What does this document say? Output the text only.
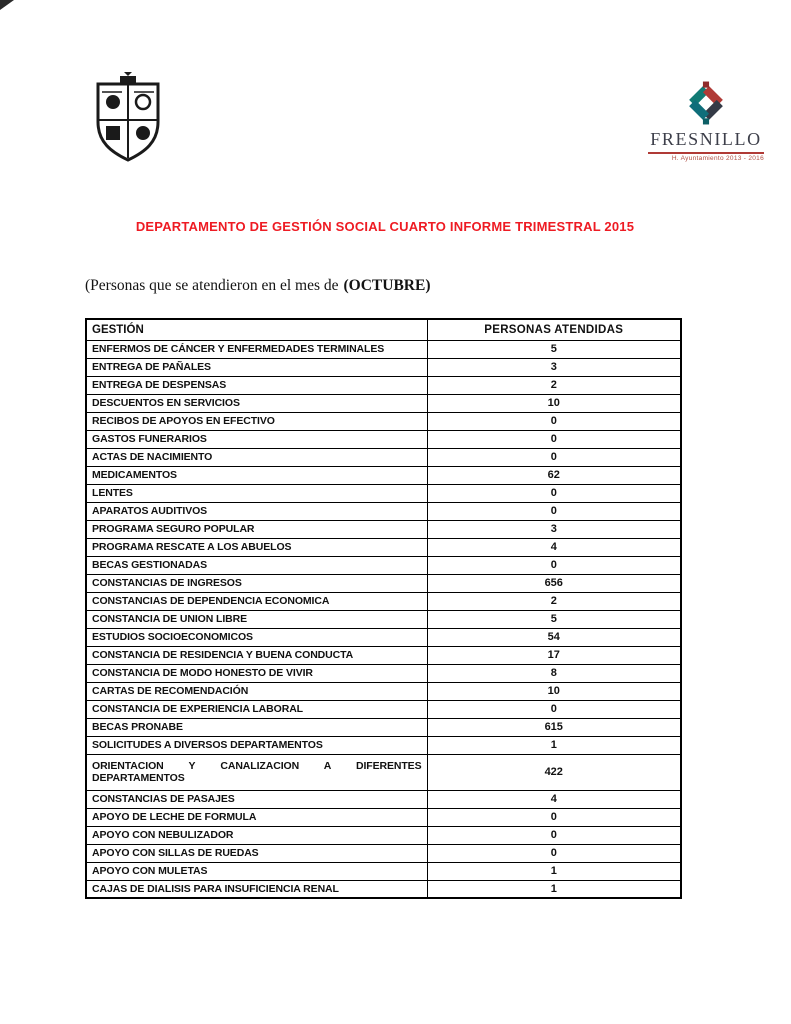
FRESNILLO
H. Ayuntamiento 2013 - 2016
DEPARTAMENTO DE GESTIÓN SOCIAL CUARTO INFORME TRIMESTRAL 2015
(Personas que se atendieron en el mes de (OCTUBRE)
GESTIÓN	PERSONAS ATENDIDAS
ENFERMOS DE CÁNCER Y ENFERMEDADES TERMINALES	5
ENTREGA DE PAÑALES	3
ENTREGA DE DESPENSAS	2
DESCUENTOS EN SERVICIOS	10
RECIBOS DE APOYOS EN EFECTIVO	0
GASTOS FUNERARIOS	0
ACTAS DE NACIMIENTO	0
MEDICAMENTOS	62
LENTES	0
APARATOS AUDITIVOS	0
PROGRAMA SEGURO POPULAR	3
PROGRAMA RESCATE A LOS ABUELOS	4
BECAS GESTIONADAS	0
CONSTANCIAS DE INGRESOS	656
CONSTANCIAS DE DEPENDENCIA ECONOMICA	2
CONSTANCIA DE UNION LIBRE	5
ESTUDIOS SOCIOECONOMICOS	54
CONSTANCIA DE RESIDENCIA Y BUENA CONDUCTA	17
CONSTANCIA DE MODO HONESTO DE VIVIR	8
CARTAS DE RECOMENDACIÓN	10
CONSTANCIA DE EXPERIENCIA LABORAL	0
BECAS PRONABE	615
SOLICITUDES A DIVERSOS DEPARTAMENTOS	1
ORIENTACION Y CANALIZACION A DIFERENTES DEPARTAMENTOS	422
CONSTANCIAS DE PASAJES	4
APOYO DE LECHE DE FORMULA	0
APOYO CON NEBULIZADOR	0
APOYO CON SILLAS DE RUEDAS	0
APOYO CON MULETAS	1
CAJAS DE DIALISIS PARA INSUFICIENCIA RENAL	1
